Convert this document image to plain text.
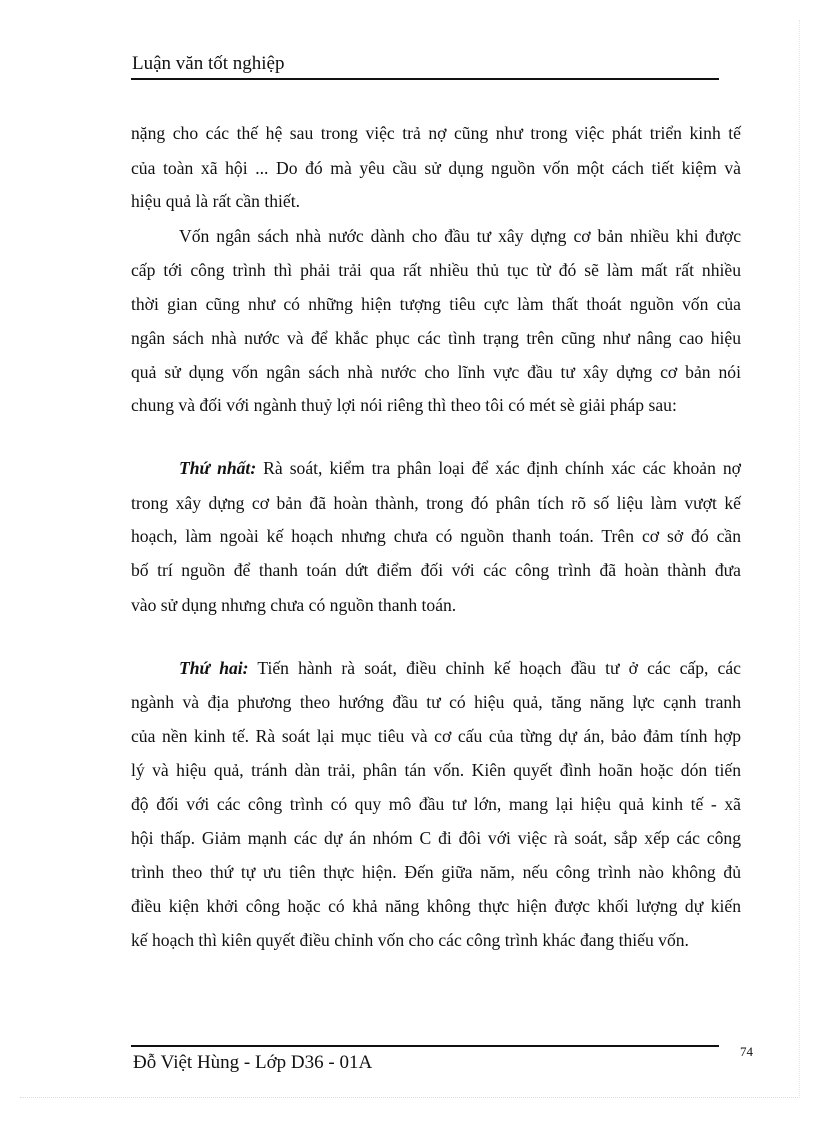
Luận văn tốt nghiệp
nặng cho các thế hệ sau trong việc trả nợ cũng như trong việc phát triển kinh tế
của toàn xã hội ... Do đó mà yêu cầu sử dụng nguồn vốn một cách tiết kiệm và
hiệu quả là rất cần thiết.
Vốn ngân sách nhà nước dành cho đầu tư xây dựng cơ bản nhiều khi được
cấp tới công trình thì phải trải qua rất nhiều thủ tục từ đó sẽ làm mất rất nhiều
thời gian cũng như có những hiện tượng tiêu cực làm thất thoát nguồn vốn của
ngân sách nhà nước và để khắc phục các tình trạng trên cũng như nâng cao hiệu
quả sử dụng vốn ngân sách nhà nước cho lĩnh vực đầu tư xây dựng cơ bản nói
chung và đối với ngành thuỷ lợi nói riêng thì theo tôi có mét sè giải pháp sau:
Thứ nhất: Rà soát, kiểm tra phân loại để xác định chính xác các khoản nợ
trong xây dựng cơ bản đã hoàn thành, trong đó phân tích rõ số liệu làm vượt kế
hoạch, làm ngoài kế hoạch nhưng chưa có nguồn thanh toán. Trên cơ sở đó cần
bố trí nguồn để thanh toán dứt điểm đối với các công trình đã hoàn thành đưa
vào sử dụng nhưng chưa có nguồn thanh toán.
Thứ hai: Tiến hành rà soát, điều chỉnh kế hoạch đầu tư ở các cấp, các
ngành và địa phương theo hướng đầu tư có hiệu quả, tăng năng lực cạnh tranh
của nền kinh tế. Rà soát lại mục tiêu và cơ cấu của từng dự án, bảo đảm tính hợp
lý và hiệu quả, tránh dàn trải, phân tán vốn. Kiên quyết đình hoãn hoặc dón tiến
độ đối với các công trình có quy mô đầu tư lớn, mang lại hiệu quả kinh tế - xã
hội thấp. Giảm mạnh các dự án nhóm C đi đôi với việc rà soát, sắp xếp các công
trình theo thứ tự ưu tiên thực hiện. Đến giữa năm, nếu công trình nào không đủ
điều kiện khởi công hoặc có khả năng không thực hiện được khối lượng dự kiến
kế hoạch thì kiên quyết điều chỉnh vốn cho các công trình khác đang thiếu vốn.
Đỗ Việt Hùng - Lớp D36 - 01A
74
